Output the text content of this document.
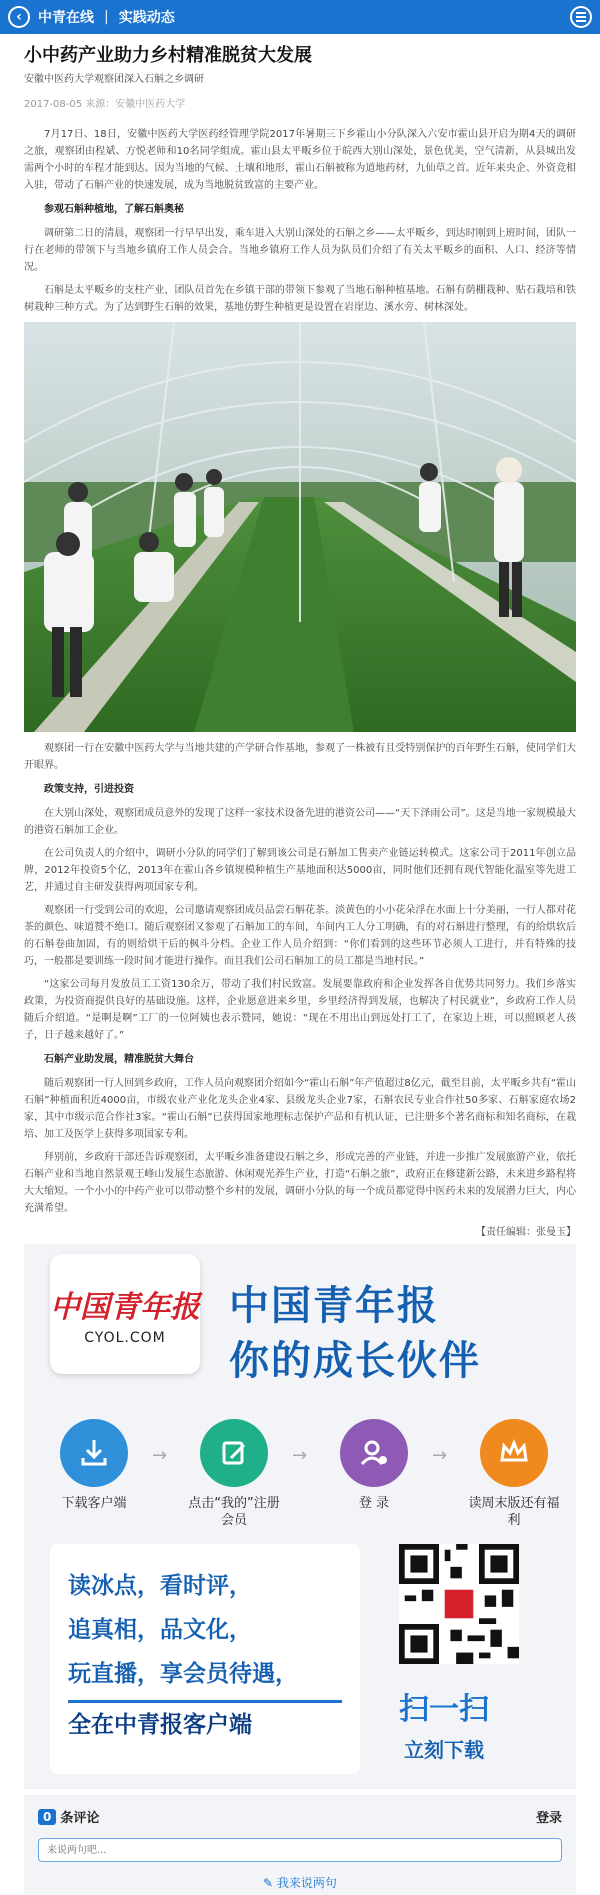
‹ 中青在线 | 实践动态
小中药产业助力乡村精准脱贫大发展
安徽中医药大学观察团深入石斛之乡调研
2017-08-05 来源：安徽中医药大学

7月17日、18日，安徽中医药大学医药经管理学院2017年暑期三下乡霍山小分队深入六安市霍山县开启为期4天的调研之旅，观察团由程斌、方悦老师和10名同学组成。霍山县太平畈乡位于皖西大别山深处，景色优美，空气清新，从县城出发需两个小时的车程才能到达。因为当地的气候、土壤和地形，霍山石斛被称为道地药材，九仙草之首。近年来央企、外资竞相入驻，带动了石斛产业的快速发展，成为当地脱贫致富的主要产业。

参观石斛种植地，了解石斛奥秘

调研第二日的清晨，观察团一行早早出发，乘车进入大别山深处的石斛之乡——太平畈乡，到达时刚到上班时间，团队一行在老师的带领下与当地乡镇府工作人员会合。当地乡镇府工作人员为队员们介绍了有关太平畈乡的面积、人口、经济等情况。

石斛是太平畈乡的支柱产业，团队员首先在乡镇干部的带领下参观了当地石斛种植基地。石斛有荫棚栽种、贴石栽培和铁树栽种三种方式。为了达到野生石斛的效果，基地仿野生种植更是设置在岩崖边、溪水旁、树林深处。

观察团一行在安徽中医药大学与当地共建的产学研合作基地，参观了一株被有且受特别保护的百年野生石斛，使同学们大开眼界。

政策支持，引进投资

在大别山深处，观察团成员意外的发现了这样一家技术设备先进的港资公司——“天下泽雨公司”。这是当地一家规模最大的港资石斛加工企业。

在公司负责人的介绍中，调研小分队的同学们了解到该公司是石斛加工售卖产业链运转模式。这家公司于2011年创立品牌，2012年投资5个亿，2013年在霍山各乡镇规模种植生产基地面积达5000亩，同时他们还拥有现代智能化温室等先进工艺，并通过自主研发获得两项国家专利。

观察团一行受到公司的欢迎，公司邀请观察团成员品尝石斛花茶。淡黄色的小小花朵浮在水面上十分美丽，一行人都对花茶的颜色、味道赞不绝口。随后观察团又参观了石斛加工的车间，车间内工人分工明确，有的对石斛进行整理，有的给烘软后的石斛卷曲加固，有的则给烘干后的枫斗分档。企业工作人员介绍到：“你们看到的这些环节必须人工进行，并有特殊的技巧，一般都是要训练一段时间才能进行操作。而且我们公司石斛加工的员工都是当地村民。”

“这家公司每月发放员工工资130余万，带动了我们村民致富。发展要靠政府和企业发挥各自优势共同努力。我们乡落实政策，为投资商提供良好的基础设施。这样，企业愿意进来乡里，乡里经济得到发展，也解决了村民就业”，乡政府工作人员随后介绍道。“是啊是啊”工厂的一位阿姨也表示赞同，她说：“现在不用出山到远处打工了，在家边上班，可以照顾老人孩子，日子越来越好了。”

石斛产业助发展，精准脱贫大舞台

随后观察团一行人回到乡政府，工作人员向观察团介绍如今“霍山石斛”年产值超过8亿元，截至目前，太平畈乡共有“霍山石斛”种植面积近4000亩，市级农业产业化龙头企业4家、县级龙头企业7家，石斛农民专业合作社50多家、石斛家庭农场2家，其中市级示范合作社3家。“霍山石斛”已获得国家地理标志保护产品和有机认证，已注册多个著名商标和知名商标，在栽培、加工及医学上获得多项国家专利。

拜别前，乡政府干部还告诉观察团，太平畈乡准备建设石斛之乡，形成完善的产业链，并进一步推广发展旅游产业，依托石斛产业和当地自然景观王峰山发展生态旅游、休闲观光养生产业，打造“石斛之旅”，政府正在修建新公路，未来进乡路程将大大缩短。一个小小的中药产业可以带动整个乡村的发展，调研小分队的每一个成员都觉得中医药未来的发展潜力巨大，内心充满希望。

【责任编辑：张曼玉】
中国青年报
CYOL.COM
中国青年报
你的成长伙伴
下载客户端
→
点击“我的”注册会员
→
登 录
→
读周末版还有福利
读冰点，看时评，
追真相，品文化，
玩直播，享会员待遇，
全在中青报客户端	扫一扫
立刻下载
0 条评论	登录
来说两句吧...
✎ 我来说两句
